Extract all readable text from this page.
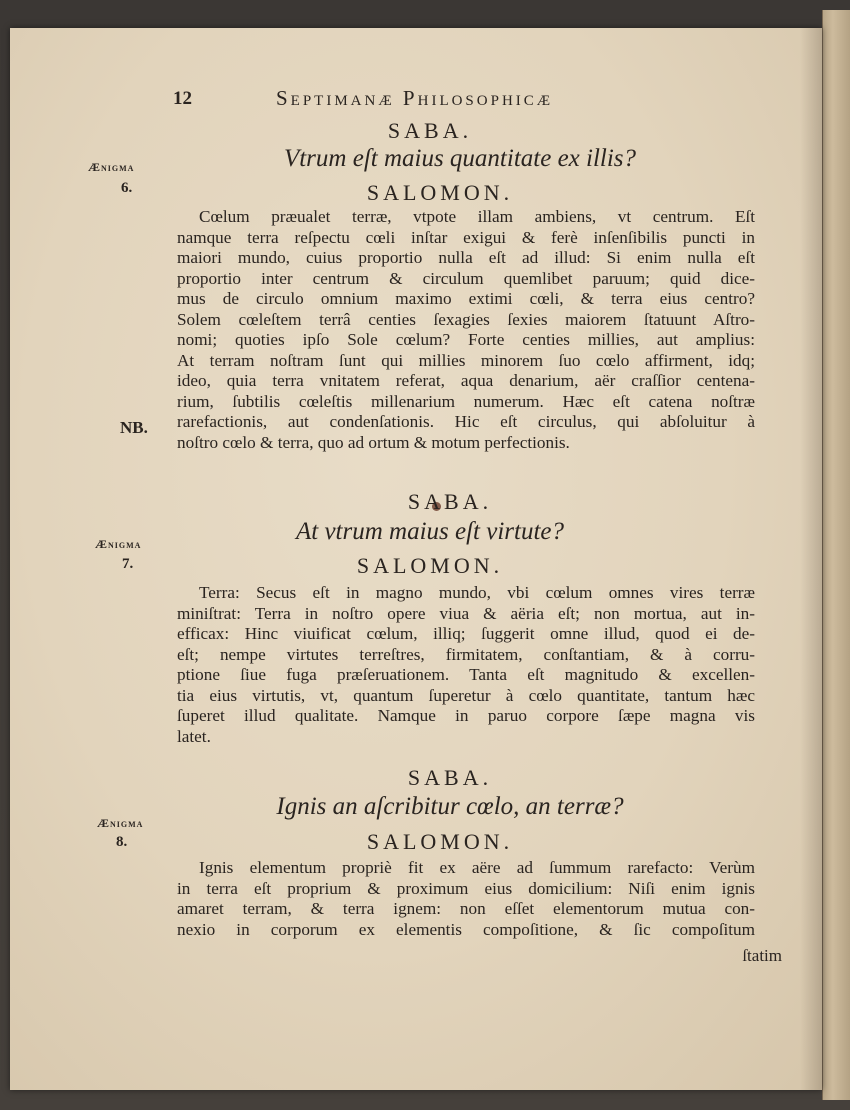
12	Septimanæ Philosophicæ
SABA.
Ænigma
6.
Vtrum eſt maius quantitate ex illis?
SALOMON.
NB.
Cœlum præualet terræ, vtpote illam ambiens, vt centrum. Eſt
namque terra reſpectu cœli inſtar exigui & ferè inſenſibilis puncti in
maiori mundo, cuius proportio nulla eſt ad illud: Si enim nulla eſt
proportio inter centrum & circulum quemlibet paruum; quid dice-
mus de circulo omnium maximo extimi cœli, & terra eius centro?
Solem cœleſtem terrâ centies ſexagies ſexies maiorem ſtatuunt Aſtro-
nomi; quoties ipſo Sole cœlum? Forte centies millies, aut amplius:
At terram noſtram ſunt qui millies minorem ſuo cœlo affirment, idq;
ideo, quia terra vnitatem referat, aqua denarium, aër craſſior centena-
rium, ſubtilis cœleſtis millenarium numerum. Hæc eſt catena noſtræ
rarefactionis, aut condenſationis. Hic eſt circulus, qui abſoluitur à
noſtro cœlo & terra, quo ad ortum & motum perfectionis.
SABA.
Ænigma
7.
At vtrum maius eſt virtute?
SALOMON.
Terra: Secus eſt in magno mundo, vbi cœlum omnes vires terræ
miniſtrat: Terra in noſtro opere viua & aëria eſt; non mortua, aut in-
efficax: Hinc viuificat cœlum, illiq; ſuggerit omne illud, quod ei de-
eſt; nempe virtutes terreſtres, firmitatem, conſtantiam, & à corru-
ptione ſiue fuga præſeruationem. Tanta eſt magnitudo & excellen-
tia eius virtutis, vt, quantum ſuperetur à cœlo quantitate, tantum hæc
ſuperet illud qualitate. Namque in paruo corpore ſæpe magna vis
latet.
SABA.
Ænigma
8.
Ignis an aſcribitur cœlo, an terræ?
SALOMON.
Ignis elementum propriè fit ex aëre ad ſummum rarefacto: Verùm
in terra eſt proprium & proximum eius domicilium: Niſi enim ignis
amaret terram, & terra ignem: non eſſet elementorum mutua con-
nexio in corporum ex elementis compoſitione, & ſic compoſitum
ſtatim
